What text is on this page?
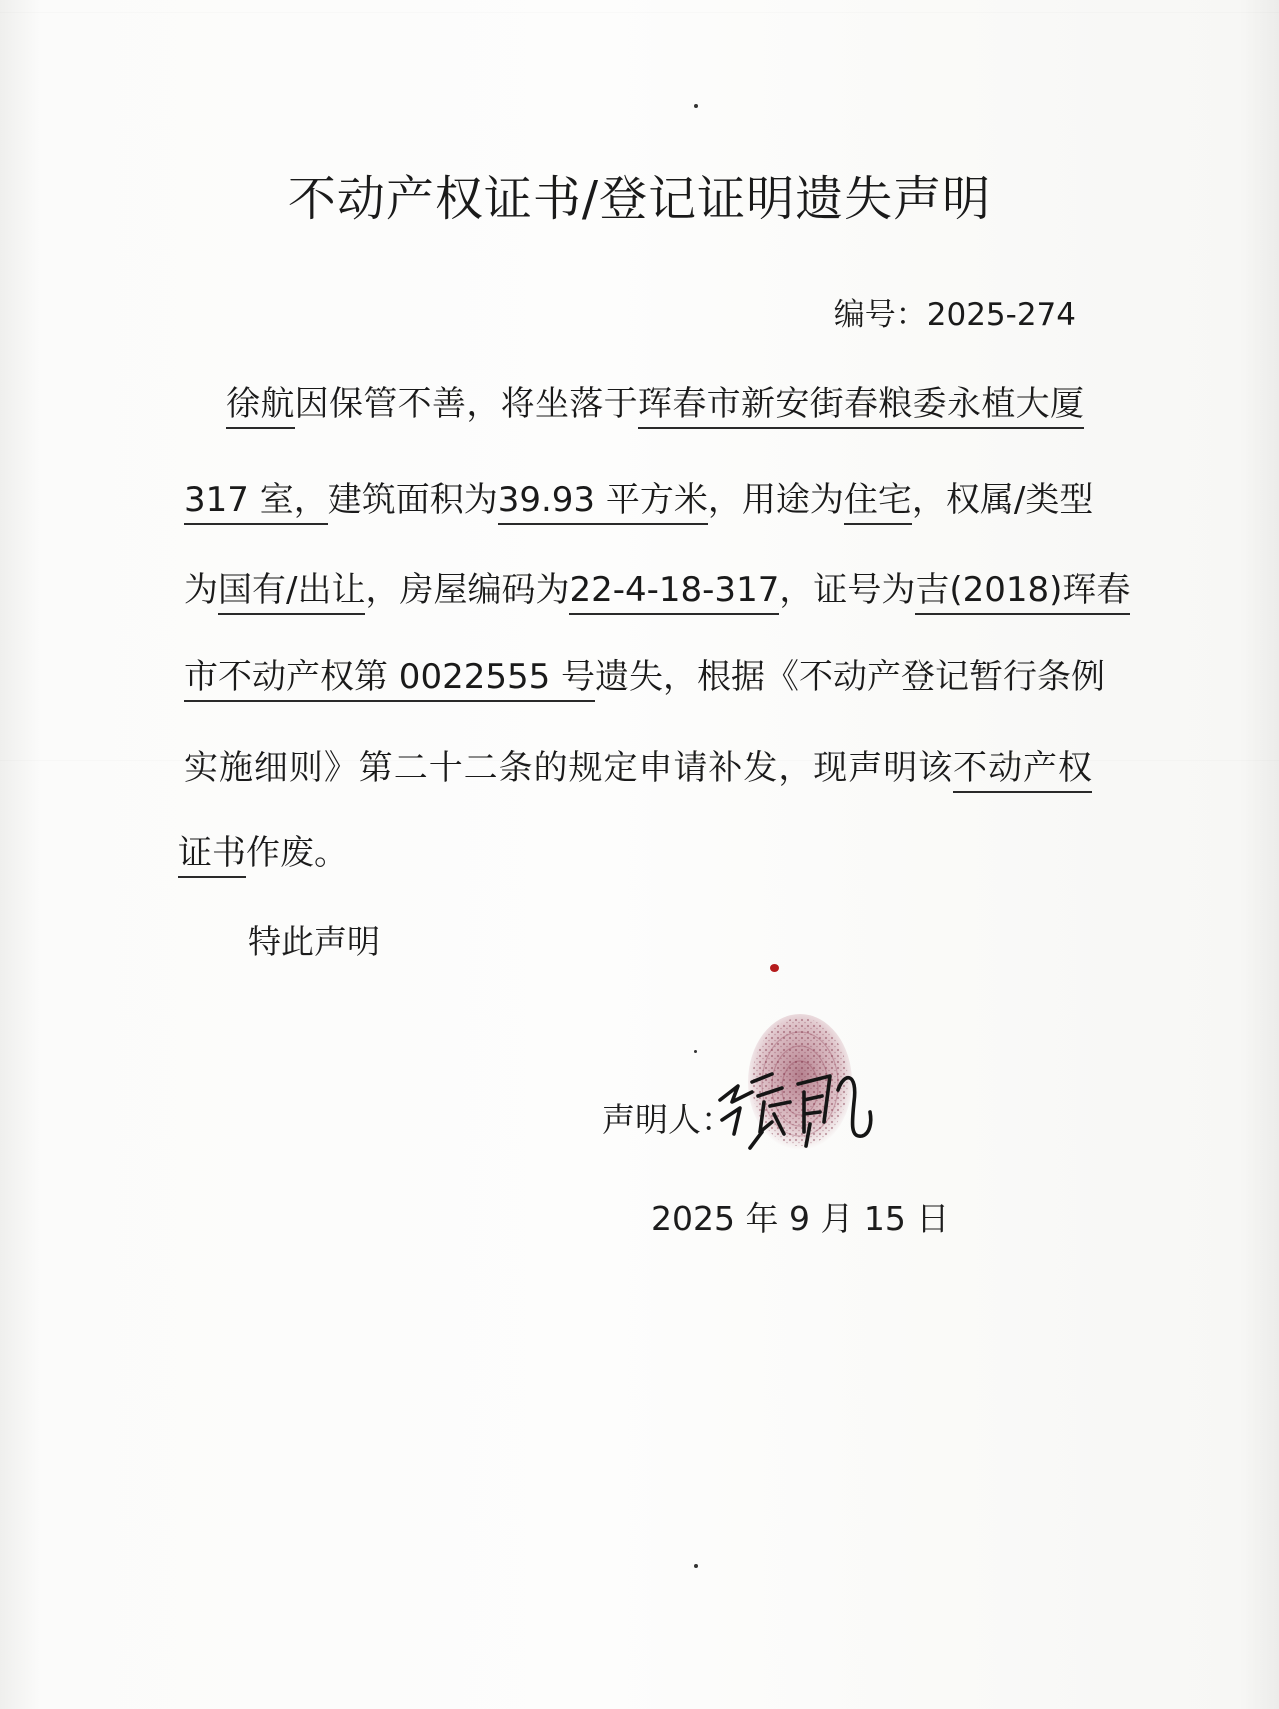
不动产权证书/登记证明遗失声明
编号：2025-274
徐航因保管不善，将坐落于珲春市新安街春粮委永植大厦
317 室，建筑面积为39.93 平方米，用途为住宅，权属/类型
为国有/出让，房屋编码为22-4-18-317，证号为吉(2018)珲春
市不动产权第 0022555 号遗失，根据《不动产登记暂行条例
实施细则》第二十二条的规定申请补发，现声明该不动产权
证书作废。
特此声明
声明人：
2025 年 9 月 15 日
